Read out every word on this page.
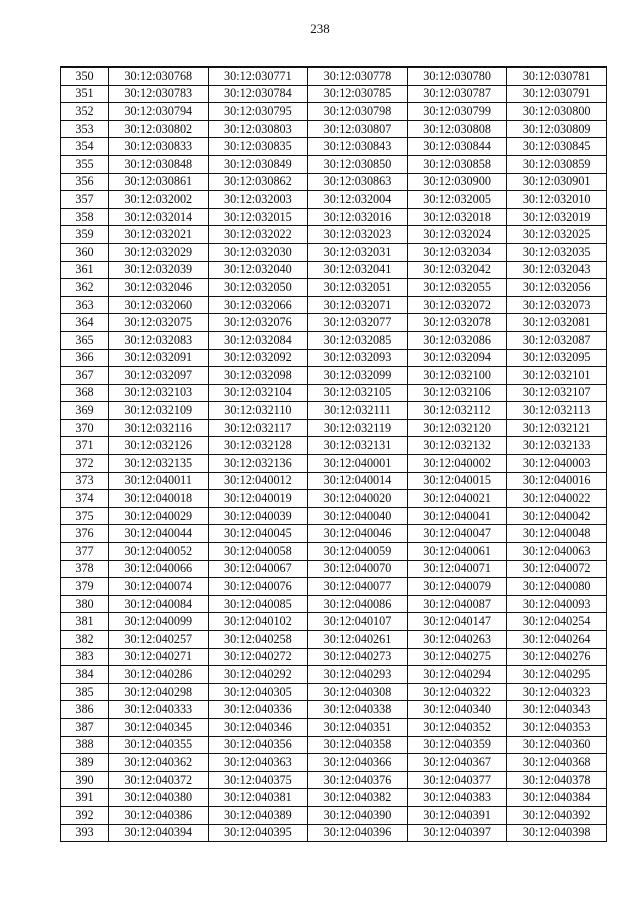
238
350	30:12:030768	30:12:030771	30:12:030778	30:12:030780	30:12:030781
351	30:12:030783	30:12:030784	30:12:030785	30:12:030787	30:12:030791
352	30:12:030794	30:12:030795	30:12:030798	30:12:030799	30:12:030800
353	30:12:030802	30:12:030803	30:12:030807	30:12:030808	30:12:030809
354	30:12:030833	30:12:030835	30:12:030843	30:12:030844	30:12:030845
355	30:12:030848	30:12:030849	30:12:030850	30:12:030858	30:12:030859
356	30:12:030861	30:12:030862	30:12:030863	30:12:030900	30:12:030901
357	30:12:032002	30:12:032003	30:12:032004	30:12:032005	30:12:032010
358	30:12:032014	30:12:032015	30:12:032016	30:12:032018	30:12:032019
359	30:12:032021	30:12:032022	30:12:032023	30:12:032024	30:12:032025
360	30:12:032029	30:12:032030	30:12:032031	30:12:032034	30:12:032035
361	30:12:032039	30:12:032040	30:12:032041	30:12:032042	30:12:032043
362	30:12:032046	30:12:032050	30:12:032051	30:12:032055	30:12:032056
363	30:12:032060	30:12:032066	30:12:032071	30:12:032072	30:12:032073
364	30:12:032075	30:12:032076	30:12:032077	30:12:032078	30:12:032081
365	30:12:032083	30:12:032084	30:12:032085	30:12:032086	30:12:032087
366	30:12:032091	30:12:032092	30:12:032093	30:12:032094	30:12:032095
367	30:12:032097	30:12:032098	30:12:032099	30:12:032100	30:12:032101
368	30:12:032103	30:12:032104	30:12:032105	30:12:032106	30:12:032107
369	30:12:032109	30:12:032110	30:12:032111	30:12:032112	30:12:032113
370	30:12:032116	30:12:032117	30:12:032119	30:12:032120	30:12:032121
371	30:12:032126	30:12:032128	30:12:032131	30:12:032132	30:12:032133
372	30:12:032135	30:12:032136	30:12:040001	30:12:040002	30:12:040003
373	30:12:040011	30:12:040012	30:12:040014	30:12:040015	30:12:040016
374	30:12:040018	30:12:040019	30:12:040020	30:12:040021	30:12:040022
375	30:12:040029	30:12:040039	30:12:040040	30:12:040041	30:12:040042
376	30:12:040044	30:12:040045	30:12:040046	30:12:040047	30:12:040048
377	30:12:040052	30:12:040058	30:12:040059	30:12:040061	30:12:040063
378	30:12:040066	30:12:040067	30:12:040070	30:12:040071	30:12:040072
379	30:12:040074	30:12:040076	30:12:040077	30:12:040079	30:12:040080
380	30:12:040084	30:12:040085	30:12:040086	30:12:040087	30:12:040093
381	30:12:040099	30:12:040102	30:12:040107	30:12:040147	30:12:040254
382	30:12:040257	30:12:040258	30:12:040261	30:12:040263	30:12:040264
383	30:12:040271	30:12:040272	30:12:040273	30:12:040275	30:12:040276
384	30:12:040286	30:12:040292	30:12:040293	30:12:040294	30:12:040295
385	30:12:040298	30:12:040305	30:12:040308	30:12:040322	30:12:040323
386	30:12:040333	30:12:040336	30:12:040338	30:12:040340	30:12:040343
387	30:12:040345	30:12:040346	30:12:040351	30:12:040352	30:12:040353
388	30:12:040355	30:12:040356	30:12:040358	30:12:040359	30:12:040360
389	30:12:040362	30:12:040363	30:12:040366	30:12:040367	30:12:040368
390	30:12:040372	30:12:040375	30:12:040376	30:12:040377	30:12:040378
391	30:12:040380	30:12:040381	30:12:040382	30:12:040383	30:12:040384
392	30:12:040386	30:12:040389	30:12:040390	30:12:040391	30:12:040392
393	30:12:040394	30:12:040395	30:12:040396	30:12:040397	30:12:040398
